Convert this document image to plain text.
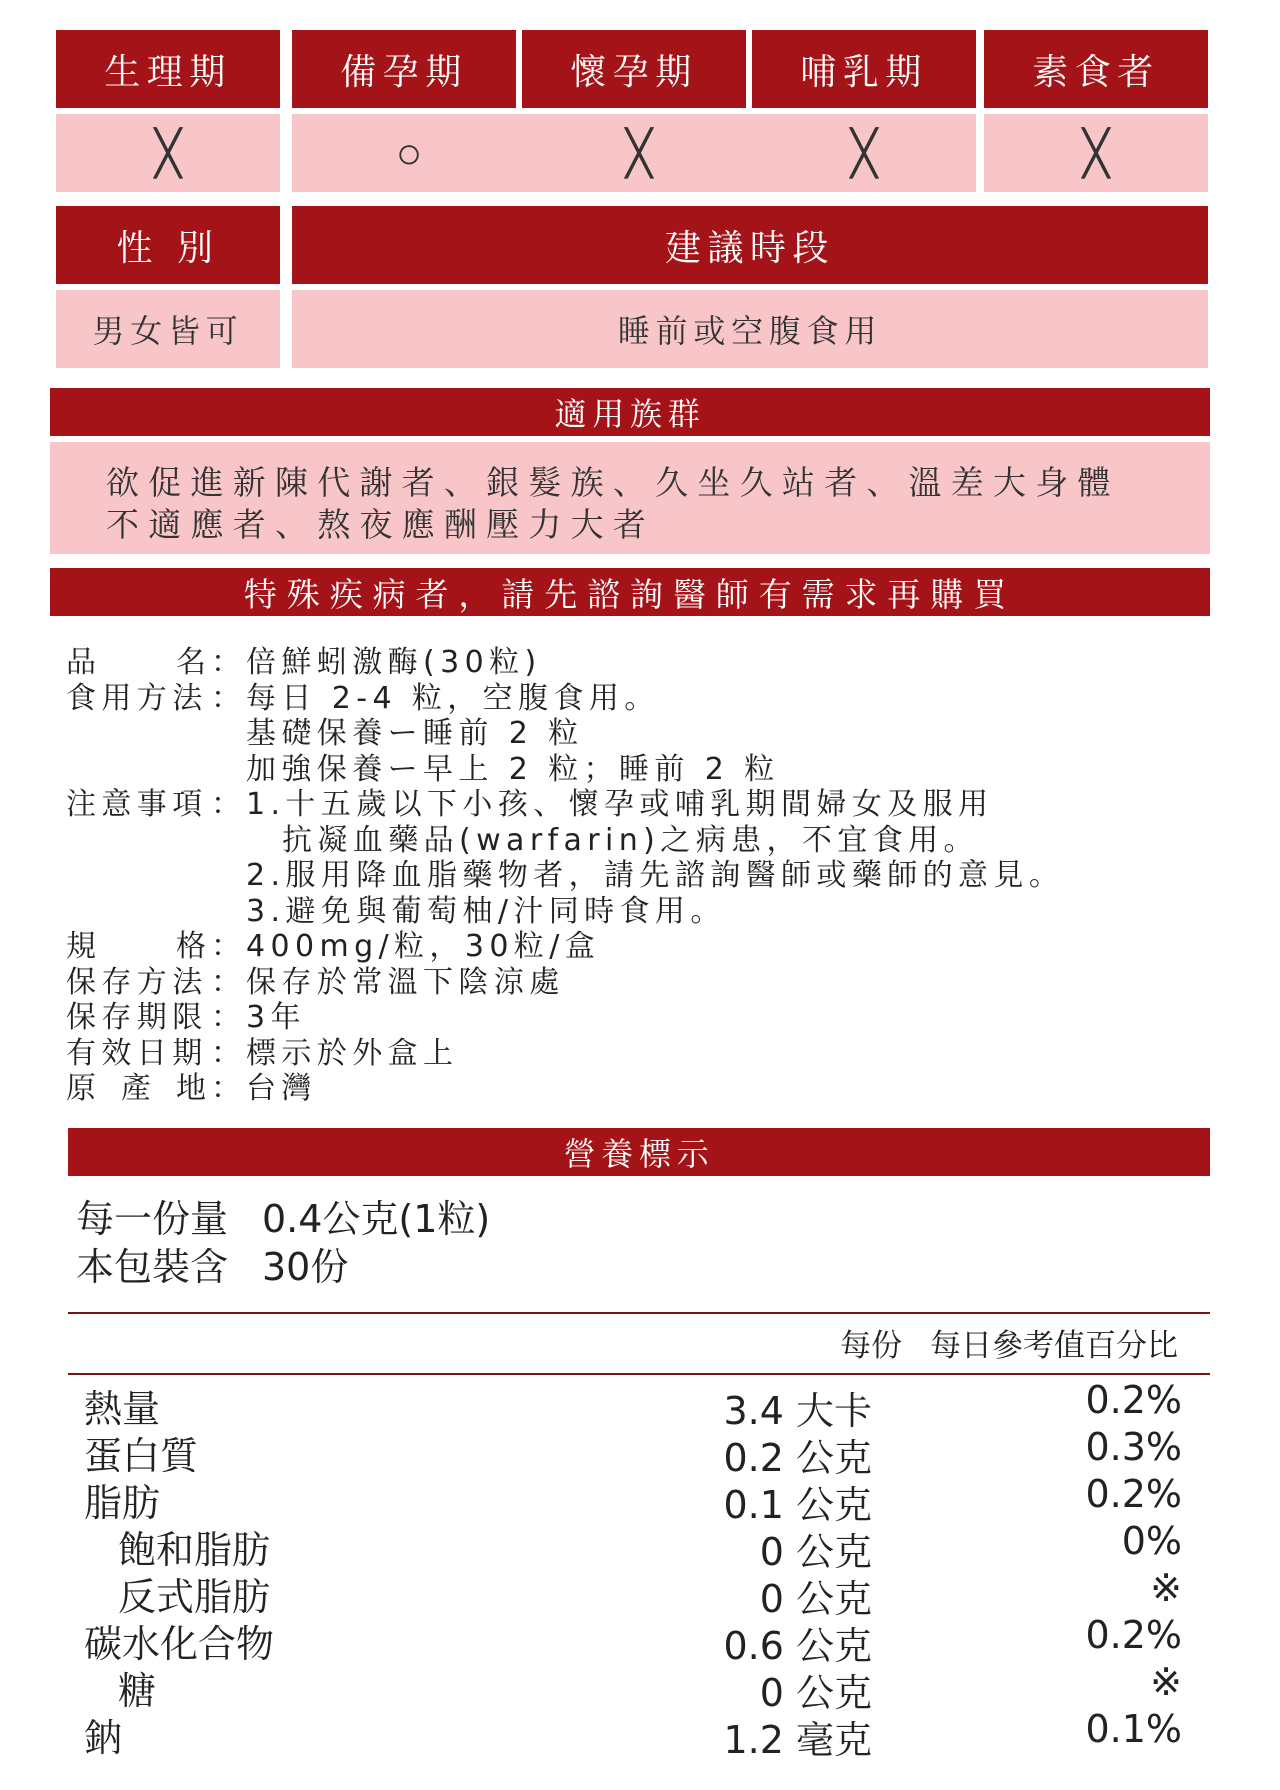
生理期	備孕期	懷孕期	哺乳期	素食者
╳	○	╳	╳	╳
性 別	建議時段
男女皆可	睡前或空腹食用
適用族群
欲促進新陳代謝者、銀髮族、久坐久站者、溫差大身體不適應者、熬夜應酬壓力大者
特殊疾病者，請先諮詢醫師有需求再購買
品	名 ： 倍鮮蚓激酶(30粒)
食用方法 ： 每日 2-4 粒，空腹食用。
基礎保養ー睡前 2 粒
加強保養ー早上 2 粒；睡前 2 粒
注意事項 ： 1.十五歲以下小孩、懷孕或哺乳期間婦女及服用
抗凝血藥品(warfarin)之病患，不宜食用。
2.服用降血脂藥物者，請先諮詢醫師或藥師的意見。
3.避免與葡萄柚/汁同時食用。
規	格 ： 400mg/粒，30粒/盒
保存方法 ： 保存於常溫下陰涼處
保存期限 ： 3年
有效日期 ： 標示於外盒上
原 產 地 ： 台灣
營養標示
每一份量 0.4公克(1粒)
本包裝含 30份
每份 每日參考值百分比
熱量	3.4 大卡	0.2%
蛋白質	0.2 公克	0.3%
脂肪	0.1 公克	0.2%
飽和脂肪	0 公克	0%
反式脂肪	0 公克	※
碳水化合物	0.6 公克	0.2%
糖	0 公克	※
鈉	1.2 毫克	0.1%
